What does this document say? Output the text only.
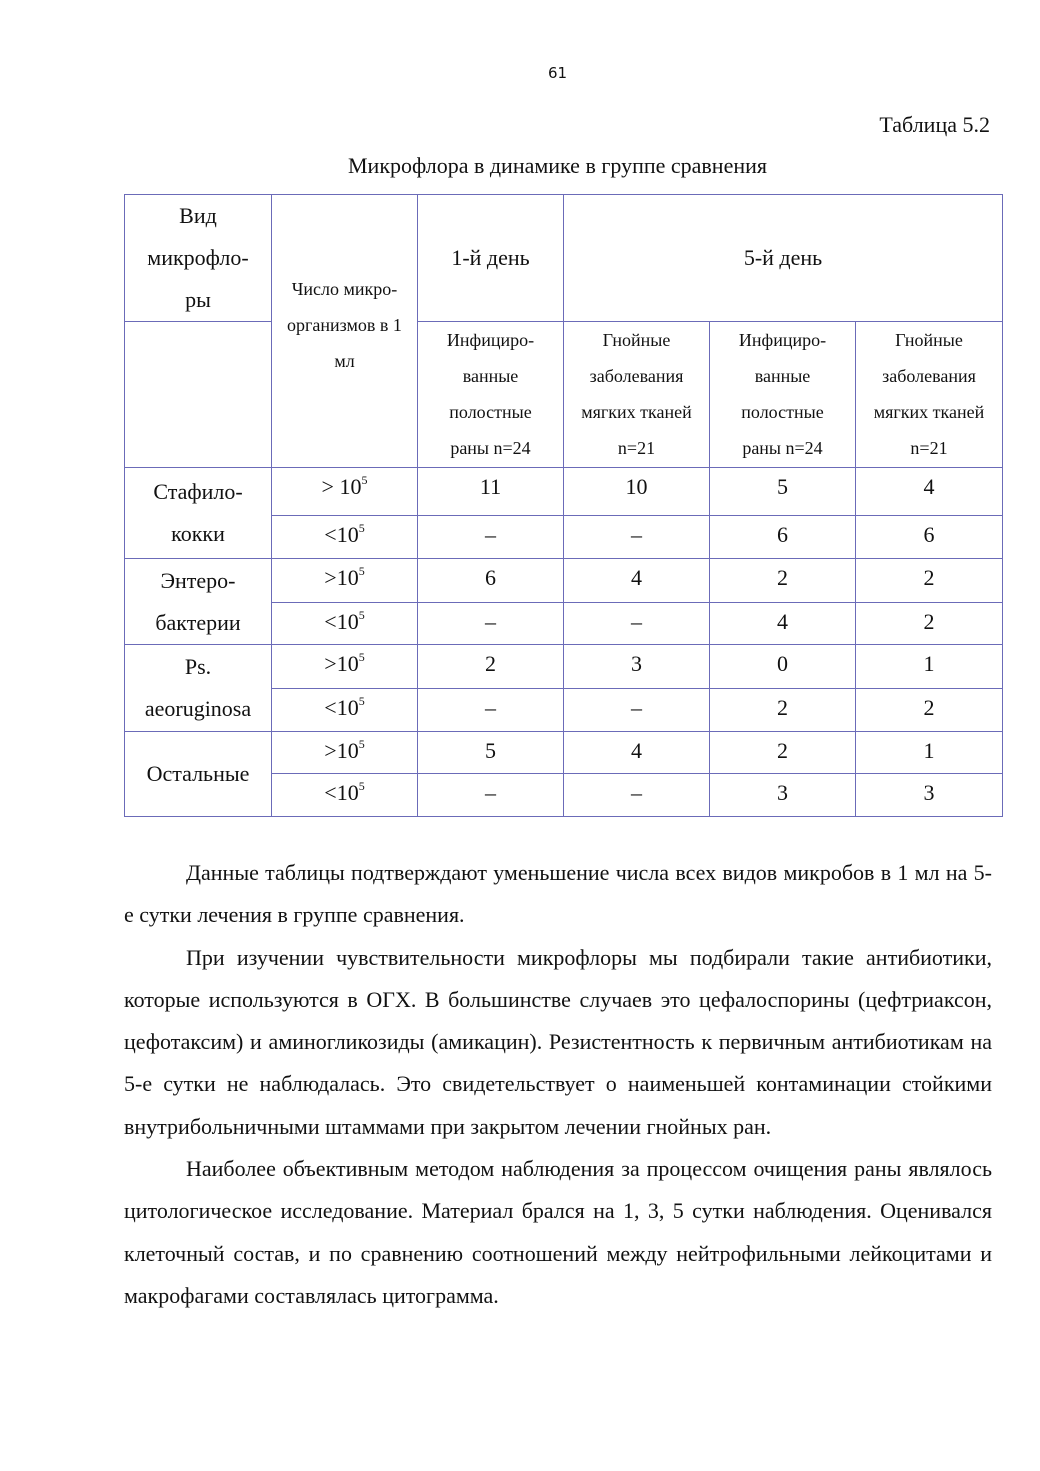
61
Таблица 5.2
Микрофлора в динамике в группе сравнения
Вид микрофло-ры	Число микро-организмов в 1 мл	1-й день	5-й день		

		Инфициро-ванные полостные раны n=24	Гнойные заболевания мягких тканей n=21	Инфициро-ванные полостные раны n=24	Гнойные заболевания мягких тканей n=21

Стафило-кокки	> $10^5$	11	10	5	4
	$<10^5$	–	–	6	6

Энтеро-бактерии	$>10^5$	6	4	2	2
	$<10^5$	–	–	4	2

Ps. aeoruginosa	$>10^5$	2	3	0	1
	$<10^5$	–	–	2	2

Остальные	$>10^5$	5	4	2	1
	$<10^5$	–	–	3	3

Данные таблицы подтверждают уменьшение числа всех видов микробов в 1 мл на 5-е сутки лечения в группе сравнения.

При изучении чувствительности микрофлоры мы подбирали такие антибиотики, которые используются в ОГХ. В большинстве случаев это цефалоспорины (цефтриаксон, цефотаксим) и аминогликозиды (амикацин). Резистентность к первичным антибиотикам на 5-е сутки не наблюдалась. Это свидетельствует о наименьшей контаминации стойкими внутрибольничными штаммами при закрытом лечении гнойных ран.

Наиболее объективным методом наблюдения за процессом очищения раны являлось цитологическое исследование. Материал брался на 1, 3, 5 сутки наблюдения. Оценивался клеточный состав, и по сравнению соотношений между нейтрофильными лейкоцитами и макрофагами составлялась цитограмма.
